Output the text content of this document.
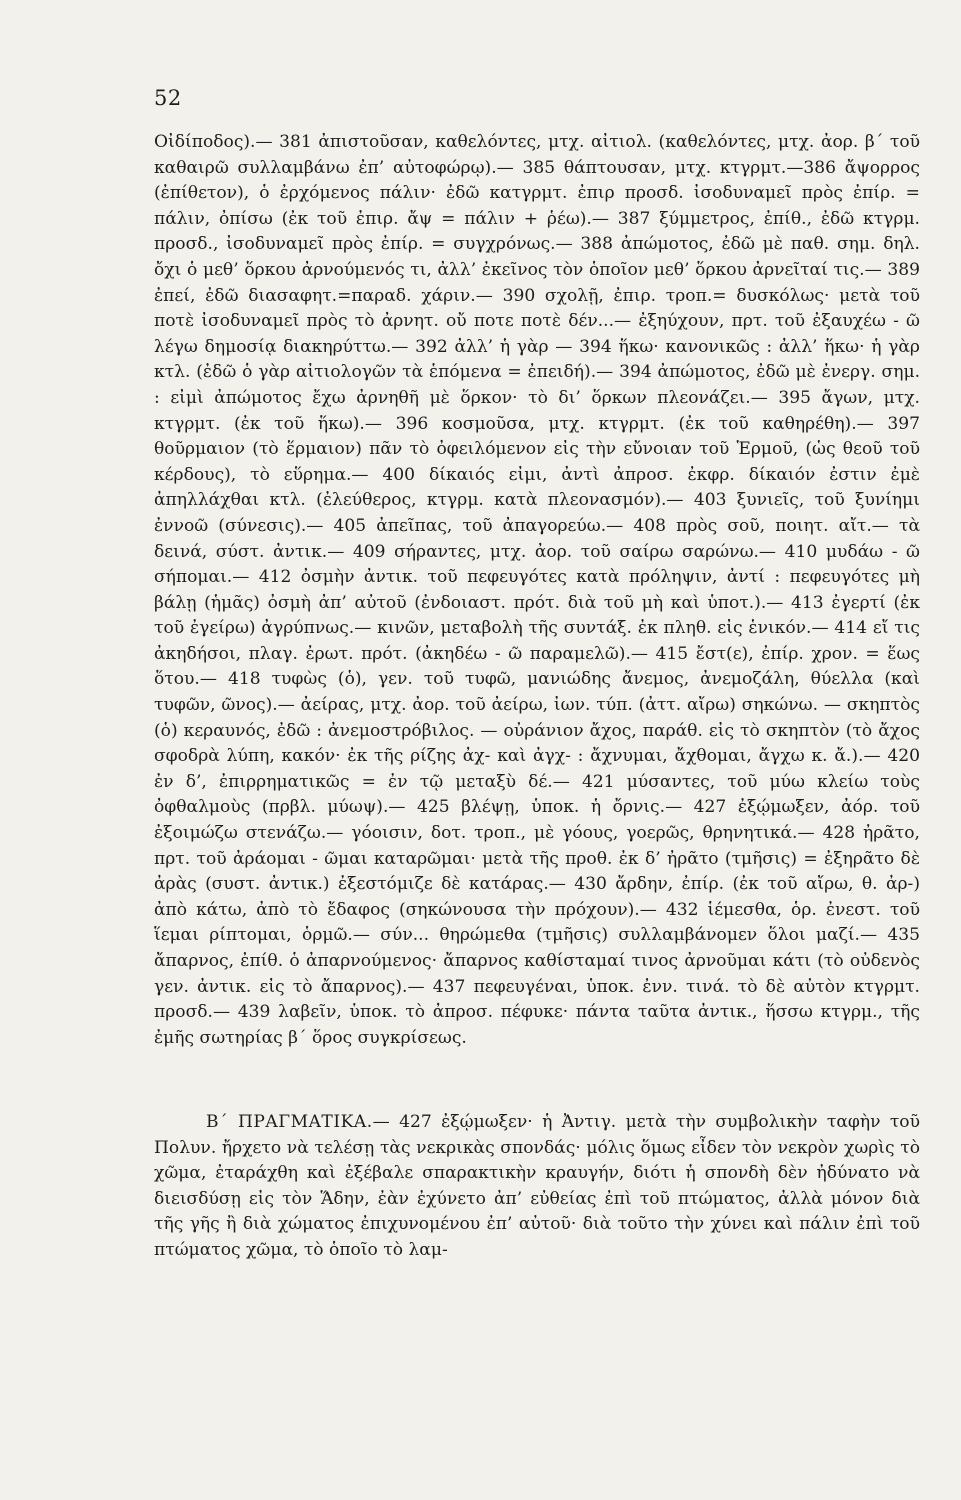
52

Οἰδίποδος).— 381 ἀπιστοῦσαν, καθελόντες, μτχ. αἰτιολ. (καθελόντες, μτχ. ἀορ. β΄ τοῦ καθαιρῶ συλλαμβάνω ἐπ’ αὐτοφώρῳ).— 385 θάπτουσαν, μτχ. κτγρμτ.—386 ἄψορρος (ἐπίθετον), ὁ ἐρχόμενος πάλιν· ἐδῶ κατγρμτ. ἐπιρ προσδ. ἰσοδυναμεῖ πρὸς ἐπίρ. = πάλιν, ὀπίσω (ἐκ τοῦ ἐπιρ. ἄψ = πάλιν + ῥέω).— 387 ξύμμετρος, ἐπίθ., ἐδῶ κτγρμ. προσδ., ἰσοδυναμεῖ πρὸς ἐπίρ. = συγχρόνως.— 388 ἀπώμοτος, ἐδῶ μὲ παθ. σημ. δηλ. ὄχι ὁ μεθ’ ὅρκου ἀρνούμενός τι, ἀλλ’ ἐκεῖνος τὸν ὁποῖον μεθ’ ὅρκου ἀρνεῖταί τις.— 389 ἐπεί, ἐδῶ διασαφητ.=παραδ. χάριν.— 390 σχολῇ, ἐπιρ. τροπ.= δυσκόλως· μετὰ τοῦ ποτὲ ἰσοδυναμεῖ πρὸς τὸ ἀρνητ. οὔ ποτε ποτὲ δέν...— ἐξηύχουν, πρτ. τοῦ ἐξαυχέω - ῶ λέγω δημοσίᾳ διακηρύττω.— 392 ἀλλ’ ἡ γὰρ — 394 ἥκω· κανονικῶς : ἀλλ’ ἥκω· ἡ γὰρ κτλ. (ἐδῶ ὁ γὰρ αἰτιολογῶν τὰ ἑπόμενα = ἐπειδή).— 394 ἀπώμοτος, ἐδῶ μὲ ἐνεργ. σημ. : εἰμὶ ἀπώμοτος ἔχω ἀρνηθῆ μὲ ὅρκον· τὸ δι’ ὅρκων πλεονάζει.— 395 ἄγων, μτχ. κτγρμτ. (ἐκ τοῦ ἥκω).— 396 κοσμοῦσα, μτχ. κτγρμτ. (ἐκ τοῦ καθηρέθη).— 397 θοῦρμαιον (τὸ ἕρμαιον) πᾶν τὸ ὀφειλόμενον εἰς τὴν εὔνοιαν τοῦ Ἑρμοῦ, (ὡς θεοῦ τοῦ κέρδους), τὸ εὕρημα.— 400 δίκαιός εἰμι, ἀντὶ ἀπροσ. ἐκφρ. δίκαιόν ἐστιν ἐμὲ ἀπηλλάχθαι κτλ. (ἐλεύθερος, κτγρμ. κατὰ πλεονασμόν).— 403 ξυνιεῖς, τοῦ ξυνίημι ἐννοῶ (σύνεσις).— 405 ἀπεῖπας, τοῦ ἀπαγορεύω.— 408 πρὸς σοῦ, ποιητ. αἴτ.— τὰ δεινά, σύστ. ἀντικ.— 409 σήραντες, μτχ. ἀορ. τοῦ σαίρω σαρώνω.— 410 μυδάω - ῶ σήπομαι.— 412 ὀσμὴν ἀντικ. τοῦ πεφευγότες κατὰ πρόληψιν, ἀντί : πεφευγότες μὴ βάλῃ (ἡμᾶς) ὀσμὴ ἀπ’ αὐτοῦ (ἐνδοιαστ. πρότ. διὰ τοῦ μὴ καὶ ὑποτ.).— 413 ἐγερτί (ἐκ τοῦ ἐγείρω) ἀγρύπνως.— κινῶν, μεταβολὴ τῆς συντάξ. ἐκ πληθ. εἰς ἑνικόν.— 414 εἴ τις ἀκηδήσοι, πλαγ. ἐρωτ. πρότ. (ἀκηδέω - ῶ παραμελῶ).— 415 ἔστ(ε), ἐπίρ. χρον. = ἕως ὅτου.— 418 τυφὼς (ὁ), γεν. τοῦ τυφῶ, μανιώδης ἄνεμος, ἀνεμοζάλη, θύελλα (καὶ τυφῶν, ῶνος).— ἀείρας, μτχ. ἀορ. τοῦ ἀείρω, ἰων. τύπ. (ἀττ. αἴρω) σηκώνω. — σκηπτὸς (ὁ) κεραυνός, ἐδῶ : ἀνεμοστρόβιλος. — οὐράνιον ἄχος, παράθ. εἰς τὸ σκηπτὸν (τὸ ἄχος σφοδρὰ λύπη, κακόν· ἐκ τῆς ρίζης ἀχ- καὶ ἀγχ- : ἄχνυμαι, ἄχθομαι, ἄγχω κ. ἄ.).— 420 ἐν δ’, ἐπιρρηματικῶς = ἐν τῷ μεταξὺ δέ.— 421 μύσαντες, τοῦ μύω κλείω τοὺς ὀφθαλμοὺς (πρβλ. μύωψ).— 425 βλέψῃ, ὑποκ. ἡ ὄρνις.— 427 ἐξῴμωξεν, ἀόρ. τοῦ ἐξοιμώζω στενάζω.— γόοισιν, δοτ. τροπ., μὲ γόους, γοερῶς, θρηνητικά.— 428 ἠρᾶτο, πρτ. τοῦ ἀράομαι - ῶμαι καταρῶμαι· μετὰ τῆς προθ. ἐκ δ’ ἠρᾶτο (τμῆσις) = ἐξηρᾶτο δὲ ἀρὰς (συστ. ἀντικ.) ἐξεστόμιζε δὲ κατάρας.— 430 ἄρδην, ἐπίρ. (ἐκ τοῦ αἴρω, θ. ἀρ-) ἀπὸ κάτω, ἀπὸ τὸ ἔδαφος (σηκώνουσα τὴν πρόχουν).— 432 ἱέμεσθα, ὁρ. ἐνεστ. τοῦ ἵεμαι ρίπτομαι, ὁρμῶ.— σύν... θηρώμεθα (τμῆσις) συλλαμβάνομεν ὅλοι μαζί.— 435 ἄπαρνος, ἐπίθ. ὁ ἀπαρνούμενος· ἄπαρνος καθίσταμαί τινος ἀρνοῦμαι κάτι (τὸ οὐδενὸς γεν. ἀντικ. εἰς τὸ ἄπαρνος).— 437 πεφευγέναι, ὑποκ. ἐνν. τινά. τὸ δὲ αὐτὸν κτγρμτ. προσδ.— 439 λαβεῖν, ὑποκ. τὸ ἀπροσ. πέφυκε· πάντα ταῦτα ἀντικ., ἥσσω κτγρμ., τῆς ἐμῆς σωτηρίας β΄ ὅρος συγκρίσεως.

Β΄ ΠΡΑΓΜΑΤΙΚΑ.— 427 ἐξῴμωξεν· ἡ Ἀντιγ. μετὰ τὴν συμβολικὴν ταφὴν τοῦ Πολυν. ἤρχετο νὰ τελέσῃ τὰς νεκρικὰς σπονδάς· μόλις ὅμως εἶδεν τὸν νεκρὸν χωρὶς τὸ χῶμα, ἐταράχθη καὶ ἐξέβαλε σπαρακτικὴν κραυγήν, διότι ἡ σπονδὴ δὲν ἠδύνατο νὰ διεισδύσῃ εἰς τὸν Ἅδην, ἐὰν ἐχύνετο ἀπ’ εὐθείας ἐπὶ τοῦ πτώματος, ἀλλὰ μόνον διὰ τῆς γῆς ἢ διὰ χώματος ἐπιχυνομένου ἐπ’ αὐτοῦ· διὰ τοῦτο τὴν χύνει καὶ πάλιν ἐπὶ τοῦ πτώματος χῶμα, τὸ ὁποῖο τὸ λαμ-
